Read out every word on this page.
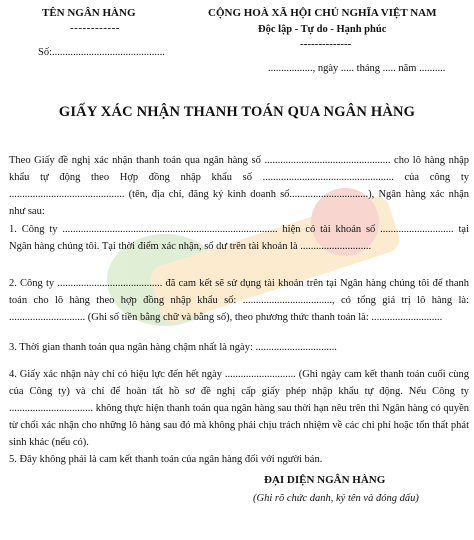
TÊN NGÂN HÀNG
------------
Số:...........................................
CỘNG HOÀ XÃ HỘI CHỦ NGHĨA VIỆT NAM
Độc lập - Tự do - Hạnh phúc
--------------
................., ngày ..... tháng ..... năm ..........
GIẤY XÁC NHẬN THANH TOÁN QUA NGÂN HÀNG

Theo Giấy đề nghị xác nhận thanh toán qua ngân hàng số ................................................ cho lô hàng nhập khẩu tự động theo Hợp đồng nhập khẩu số .................................................. của công ty ............................................ (tên, địa chỉ, đăng ký kinh doanh số..............................), Ngân hàng xác nhận như sau:

1. Công ty .................................................................................. hiện có tài khoản số ............................ tại Ngân hàng chúng tôi. Tại thời điểm xác nhận, số dư trên tài khoản là ...........................

2. Công ty ........................................ đã cam kết sẽ sử dụng tài khoản trên tại Ngân hàng chúng tôi để thanh toán cho lô hàng theo hợp đồng nhập khẩu số: .................................., có tổng giá trị lô hàng là: ............................. (Ghi số tiền bằng chữ và bằng số), theo phương thức thanh toán là: ...........................

3. Thời gian thanh toán qua ngân hàng chậm nhất là ngày: ...............................

4. Giấy xác nhận này chỉ có hiệu lực đến hết ngày ........................... (Ghi ngày cam kết thanh toán cuối cùng của Công ty) và chỉ để hoàn tất hồ sơ đề nghị cấp giấy phép nhập khẩu tự động. Nếu Công ty ................................ không thực hiện thanh toán qua ngân hàng sau thời hạn nêu trên thì Ngân hàng có quyền từ chối xác nhận cho những lô hàng sau đó mà không phải chịu trách nhiệm về các chi phí hoặc tổn thất phát sinh khác (nếu có).

5. Đây không phải là cam kết thanh toán của ngân hàng đối với người bán.

ĐẠI DIỆN NGÂN HÀNG
(Ghi rõ chức danh, ký tên và đóng dấu)
